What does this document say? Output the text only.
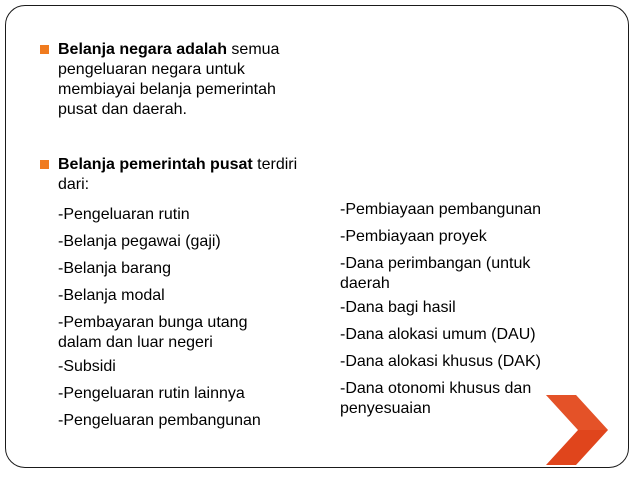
Belanja negara adalah semua pengeluaran negara untuk membiayai belanja pemerintah pusat dan daerah.
Belanja pemerintah pusat terdiri dari:
-Pengeluaran rutin
-Belanja pegawai (gaji)
-Belanja barang
-Belanja modal
-Pembayaran bunga utang dalam dan luar negeri
-Subsidi
-Pengeluaran rutin lainnya
-Pengeluaran pembangunan
-Pembiayaan pembangunan
-Pembiayaan proyek
-Dana perimbangan (untuk daerah
-Dana bagi hasil
-Dana alokasi umum (DAU)
-Dana alokasi khusus (DAK)
-Dana otonomi khusus dan penyesuaian
